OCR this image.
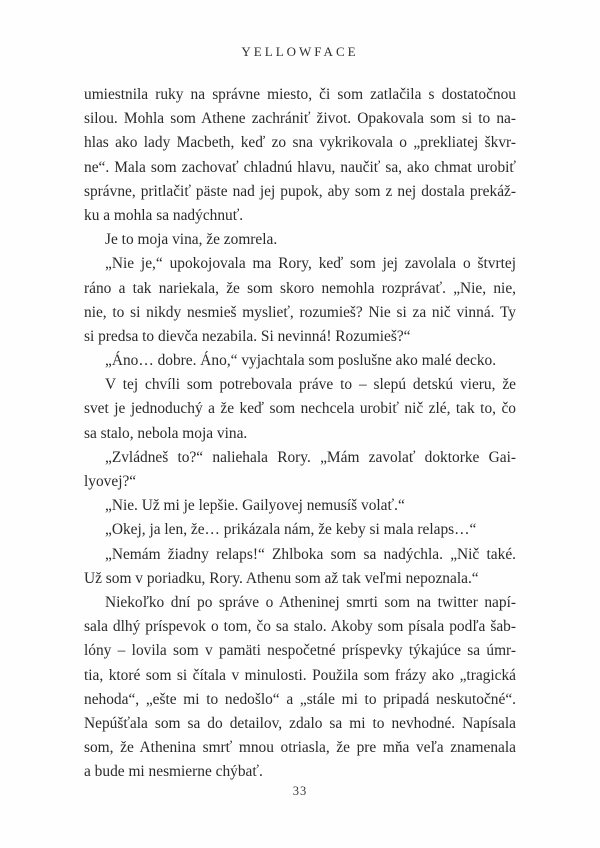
YELLOWFACE
umiestnila ruky na správne miesto, či som zatlačila s dostatočnou
silou. Mohla som Athene zachrániť život. Opakovala som si to na-
hlas ako lady Macbeth, keď zo sna vykrikovala o „prekliatej škvr-
ne“. Mala som zachovať chladnú hlavu, naučiť sa, ako chmat urobiť
správne, pritlačiť päste nad jej pupok, aby som z nej dostala prekáž-
ku a mohla sa nadýchnuť.
Je to moja vina, že zomrela.
„Nie je,“ upokojovala ma Rory, keď som jej zavolala o štvrtej
ráno a tak nariekala, že som skoro nemohla rozprávať. „Nie, nie,
nie, to si nikdy nesmieš myslieť, rozumieš? Nie si za nič vinná. Ty
si predsa to dievča nezabila. Si nevinná! Rozumieš?“
„Áno… dobre. Áno,“ vyjachtala som poslušne ako malé decko.
V tej chvíli som potrebovala práve to – slepú detskú vieru, že
svet je jednoduchý a že keď som nechcela urobiť nič zlé, tak to, čo
sa stalo, nebola moja vina.
„Zvládneš to?“ naliehala Rory. „Mám zavolať doktorke Gai-
lyovej?“
„Nie. Už mi je lepšie. Gailyovej nemusíš volať.“
„Okej, ja len, že… prikázala nám, že keby si mala relaps…“
„Nemám žiadny relaps!“ Zhlboka som sa nadýchla. „Nič také.
Už som v poriadku, Rory. Athenu som až tak veľmi nepoznala.“
Niekoľko dní po správe o Atheninej smrti som na twitter napí-
sala dlhý príspevok o tom, čo sa stalo. Akoby som písala podľa šab-
lóny – lovila som v pamäti nespočetné príspevky týkajúce sa úmr-
tia, ktoré som si čítala v minulosti. Použila som frázy ako „tragická
nehoda“, „ešte mi to nedošlo“ a „stále mi to pripadá neskutočné“.
Nepúšťala som sa do detailov, zdalo sa mi to nevhodné. Napísala
som, že Athenina smrť mnou otriasla, že pre mňa veľa znamenala
a bude mi nesmierne chýbať.
33
